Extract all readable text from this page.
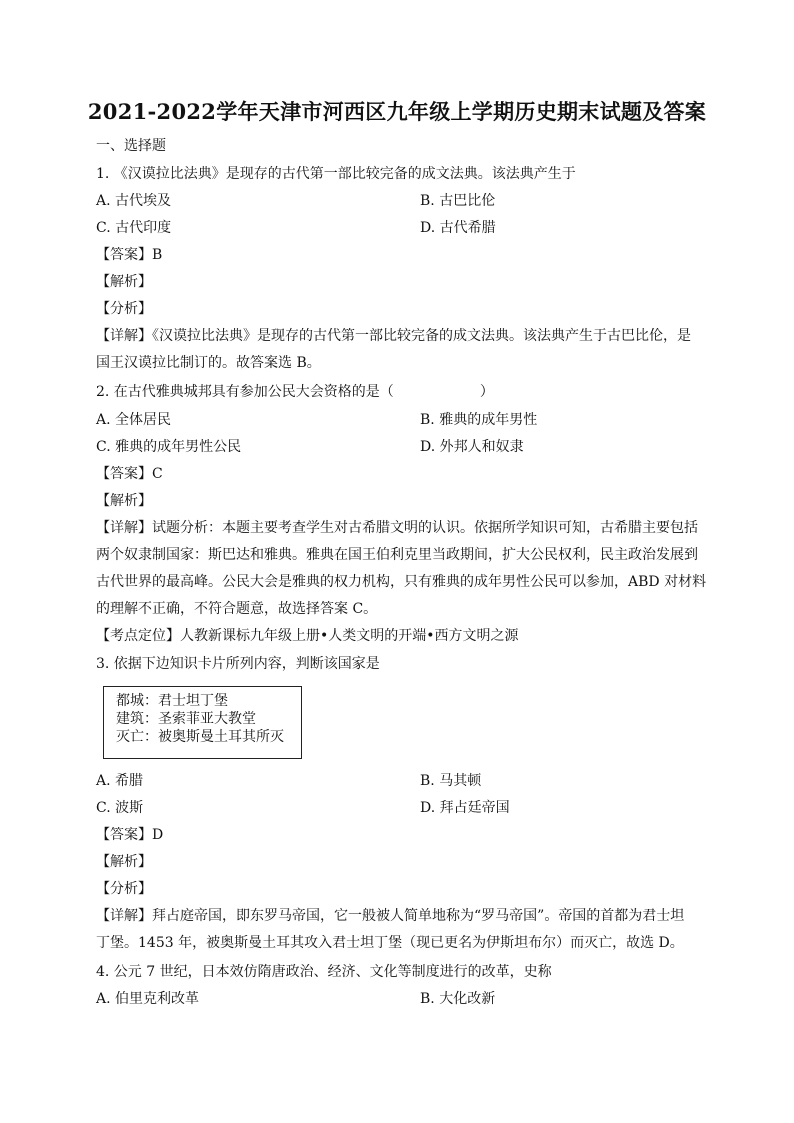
2021-2022学年天津市河西区九年级上学期历史期末试题及答案
一、选择题
1. 《汉谟拉比法典》是现存的古代第一部比较完备的成文法典。该法典产生于
A. 古代埃及	B. 古巴比伦
C. 古代印度	D. 古代希腊
【答案】B
【解析】
【分析】
【详解】《汉谟拉比法典》是现存的古代第一部比较完备的成文法典。该法典产生于古巴比伦，是
国王汉谟拉比制订的。故答案选 B。
2. 在古代雅典城邦具有参加公民大会资格的是（	）
A. 全体居民	B. 雅典的成年男性
C. 雅典的成年男性公民	D. 外邦人和奴隶
【答案】C
【解析】
【详解】试题分析：本题主要考查学生对古希腊文明的认识。依据所学知识可知，古希腊主要包括
两个奴隶制国家：斯巴达和雅典。雅典在国王伯利克里当政期间，扩大公民权利，民主政治发展到
古代世界的最高峰。公民大会是雅典的权力机构，只有雅典的成年男性公民可以参加，ABD 对材料
的理解不正确，不符合题意，故选择答案 C。
【考点定位】人教新课标九年级上册•人类文明的开端•西方文明之源
3. 依据下边知识卡片所列内容，判断该国家是
都城：君士坦丁堡
建筑：圣索菲亚大教堂
灭亡：被奥斯曼土耳其所灭
A. 希腊	B. 马其顿
C. 波斯	D. 拜占廷帝国
【答案】D
【解析】
【分析】
【详解】拜占庭帝国，即东罗马帝国，它一般被人简单地称为“罗马帝国”。帝国的首都为君士坦
丁堡。1453 年，被奥斯曼土耳其攻入君士坦丁堡（现已更名为伊斯坦布尔）而灭亡，故选 D。
4. 公元 7 世纪，日本效仿隋唐政治、经济、文化等制度进行的改革，史称
A. 伯里克利改革	B. 大化改新
